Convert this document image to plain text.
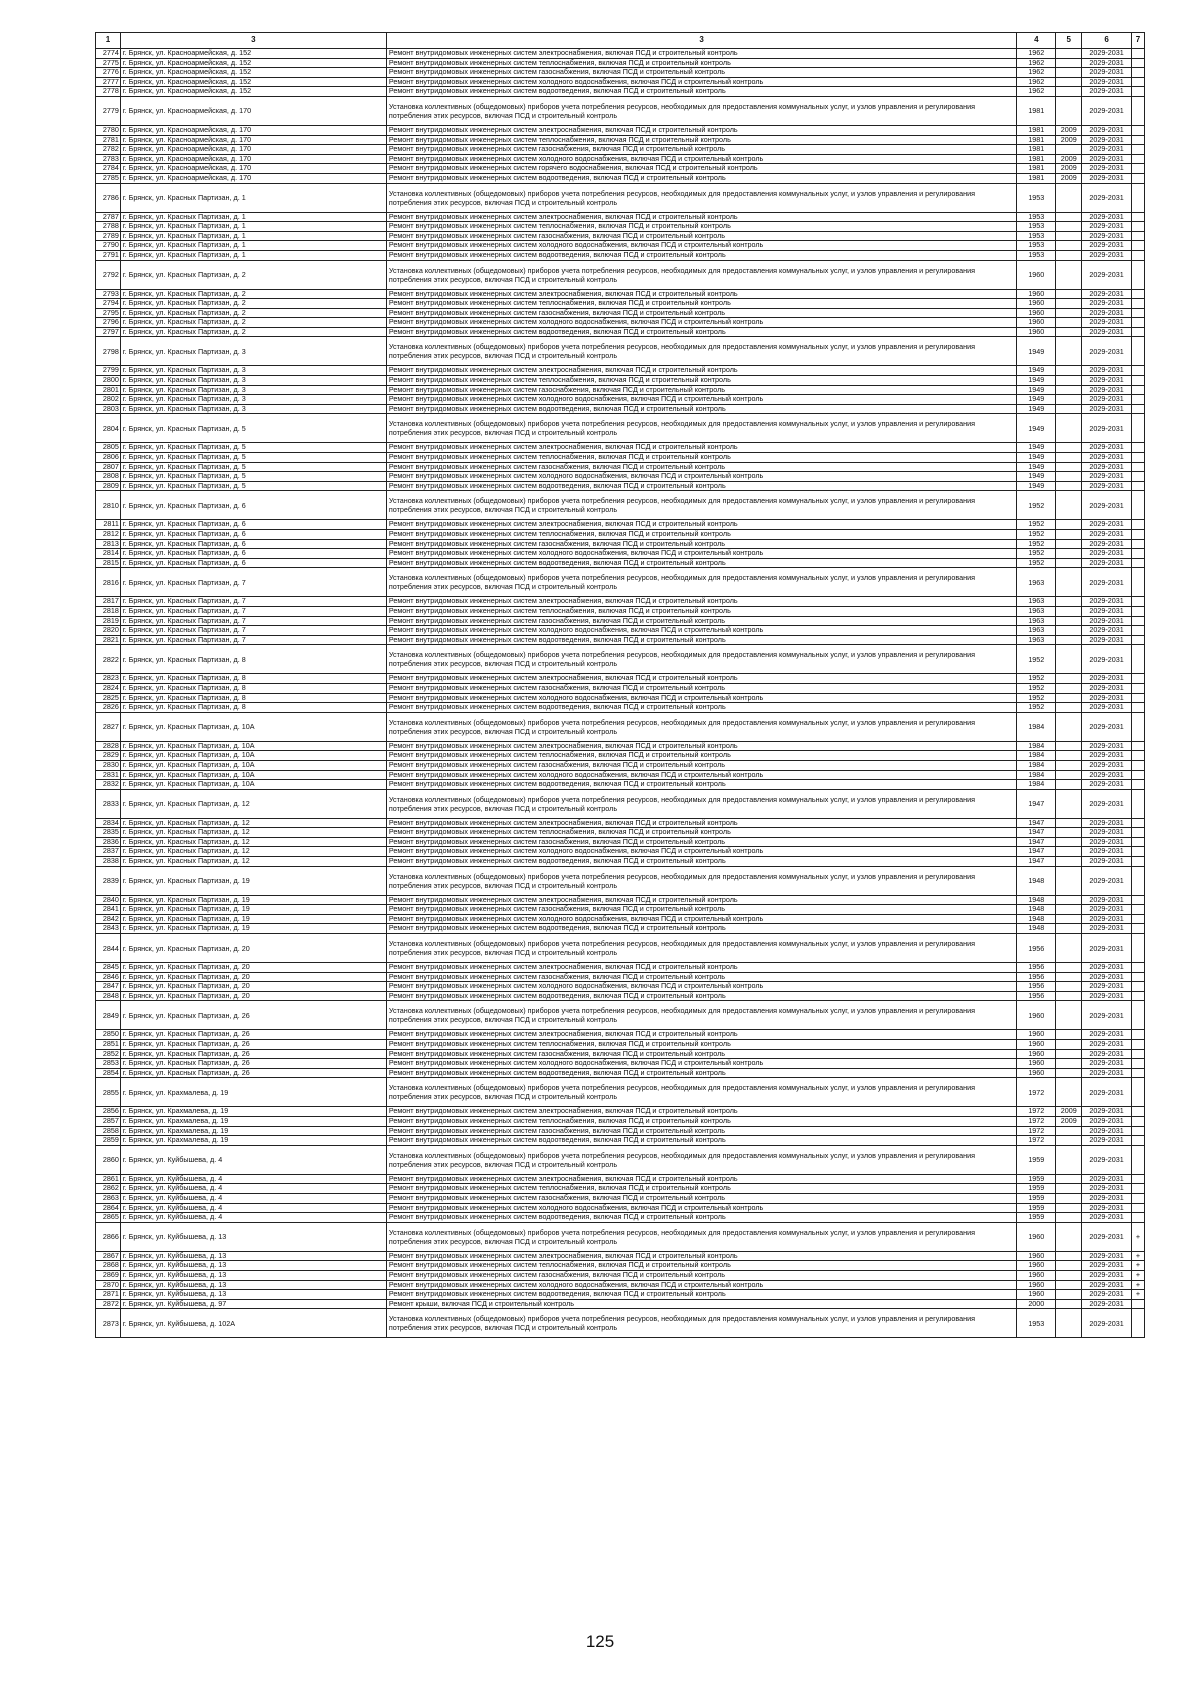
1	3	3	4	5	6	7
2774	г. Брянск, ул. Красноармейская, д. 152	Ремонт внутридомовых инженерных систем электроснабжения, включая ПСД и строительный контроль	1962		2029-2031	
2775	г. Брянск, ул. Красноармейская, д. 152	Ремонт внутридомовых инженерных систем теплоснабжения, включая ПСД и строительный контроль	1962		2029-2031	
2776	г. Брянск, ул. Красноармейская, д. 152	Ремонт внутридомовых инженерных систем газоснабжения, включая ПСД и строительный контроль	1962		2029-2031	
2777	г. Брянск, ул. Красноармейская, д. 152	Ремонт внутридомовых инженерных систем холодного водоснабжения, включая ПСД и строительный контроль	1962		2029-2031	
2778	г. Брянск, ул. Красноармейская, д. 152	Ремонт внутридомовых инженерных систем водоотведения, включая ПСД и строительный контроль	1962		2029-2031	
2779	г. Брянск, ул. Красноармейская, д. 170	Установка коллективных (общедомовых) приборов учета потребления ресурсов, необходимых для предоставления коммунальных услуг, и узлов управления и регулирования потребления этих ресурсов, включая ПСД и строительный контроль	1981		2029-2031	
2780	г. Брянск, ул. Красноармейская, д. 170	Ремонт внутридомовых инженерных систем электроснабжения, включая ПСД и строительный контроль	1981	2009	2029-2031	
2781	г. Брянск, ул. Красноармейская, д. 170	Ремонт внутридомовых инженерных систем теплоснабжения, включая ПСД и строительный контроль	1981	2009	2029-2031	
2782	г. Брянск, ул. Красноармейская, д. 170	Ремонт внутридомовых инженерных систем газоснабжения, включая ПСД и строительный контроль	1981		2029-2031	
2783	г. Брянск, ул. Красноармейская, д. 170	Ремонт внутридомовых инженерных систем холодного водоснабжения, включая ПСД и строительный контроль	1981	2009	2029-2031	
2784	г. Брянск, ул. Красноармейская, д. 170	Ремонт внутридомовых инженерных систем горячего водоснабжения, включая ПСД и строительный контроль	1981	2009	2029-2031	
2785	г. Брянск, ул. Красноармейская, д. 170	Ремонт внутридомовых инженерных систем водоотведения, включая ПСД и строительный контроль	1981	2009	2029-2031	
2786	г. Брянск, ул. Красных Партизан, д. 1	Установка коллективных (общедомовых) приборов учета потребления ресурсов, необходимых для предоставления коммунальных услуг, и узлов управления и регулирования потребления этих ресурсов, включая ПСД и строительный контроль	1953		2029-2031	
2787	г. Брянск, ул. Красных Партизан, д. 1	Ремонт внутридомовых инженерных систем электроснабжения, включая ПСД и строительный контроль	1953		2029-2031	
2788	г. Брянск, ул. Красных Партизан, д. 1	Ремонт внутридомовых инженерных систем теплоснабжения, включая ПСД и строительный контроль	1953		2029-2031	
2789	г. Брянск, ул. Красных Партизан, д. 1	Ремонт внутридомовых инженерных систем газоснабжения, включая ПСД и строительный контроль	1953		2029-2031	
2790	г. Брянск, ул. Красных Партизан, д. 1	Ремонт внутридомовых инженерных систем холодного водоснабжения, включая ПСД и строительный контроль	1953		2029-2031	
2791	г. Брянск, ул. Красных Партизан, д. 1	Ремонт внутридомовых инженерных систем водоотведения, включая ПСД и строительный контроль	1953		2029-2031	
2792	г. Брянск, ул. Красных Партизан, д. 2	Установка коллективных (общедомовых) приборов учета потребления ресурсов, необходимых для предоставления коммунальных услуг, и узлов управления и регулирования потребления этих ресурсов, включая ПСД и строительный контроль	1960		2029-2031	
2793	г. Брянск, ул. Красных Партизан, д. 2	Ремонт внутридомовых инженерных систем электроснабжения, включая ПСД и строительный контроль	1960		2029-2031	
2794	г. Брянск, ул. Красных Партизан, д. 2	Ремонт внутридомовых инженерных систем теплоснабжения, включая ПСД и строительный контроль	1960		2029-2031	
2795	г. Брянск, ул. Красных Партизан, д. 2	Ремонт внутридомовых инженерных систем газоснабжения, включая ПСД и строительный контроль	1960		2029-2031	
2796	г. Брянск, ул. Красных Партизан, д. 2	Ремонт внутридомовых инженерных систем холодного водоснабжения, включая ПСД и строительный контроль	1960		2029-2031	
2797	г. Брянск, ул. Красных Партизан, д. 2	Ремонт внутридомовых инженерных систем водоотведения, включая ПСД и строительный контроль	1960		2029-2031	
2798	г. Брянск, ул. Красных Партизан, д. 3	Установка коллективных (общедомовых) приборов учета потребления ресурсов, необходимых для предоставления коммунальных услуг, и узлов управления и регулирования потребления этих ресурсов, включая ПСД и строительный контроль	1949		2029-2031	
2799	г. Брянск, ул. Красных Партизан, д. 3	Ремонт внутридомовых инженерных систем электроснабжения, включая ПСД и строительный контроль	1949		2029-2031	
2800	г. Брянск, ул. Красных Партизан, д. 3	Ремонт внутридомовых инженерных систем теплоснабжения, включая ПСД и строительный контроль	1949		2029-2031	
2801	г. Брянск, ул. Красных Партизан, д. 3	Ремонт внутридомовых инженерных систем газоснабжения, включая ПСД и строительный контроль	1949		2029-2031	
2802	г. Брянск, ул. Красных Партизан, д. 3	Ремонт внутридомовых инженерных систем холодного водоснабжения, включая ПСД и строительный контроль	1949		2029-2031	
2803	г. Брянск, ул. Красных Партизан, д. 3	Ремонт внутридомовых инженерных систем водоотведения, включая ПСД и строительный контроль	1949		2029-2031	
2804	г. Брянск, ул. Красных Партизан, д. 5	Установка коллективных (общедомовых) приборов учета потребления ресурсов, необходимых для предоставления коммунальных услуг, и узлов управления и регулирования потребления этих ресурсов, включая ПСД и строительный контроль	1949		2029-2031	
2805	г. Брянск, ул. Красных Партизан, д. 5	Ремонт внутридомовых инженерных систем электроснабжения, включая ПСД и строительный контроль	1949		2029-2031	
2806	г. Брянск, ул. Красных Партизан, д. 5	Ремонт внутридомовых инженерных систем теплоснабжения, включая ПСД и строительный контроль	1949		2029-2031	
2807	г. Брянск, ул. Красных Партизан, д. 5	Ремонт внутридомовых инженерных систем газоснабжения, включая ПСД и строительный контроль	1949		2029-2031	
2808	г. Брянск, ул. Красных Партизан, д. 5	Ремонт внутридомовых инженерных систем холодного водоснабжения, включая ПСД и строительный контроль	1949		2029-2031	
2809	г. Брянск, ул. Красных Партизан, д. 5	Ремонт внутридомовых инженерных систем водоотведения, включая ПСД и строительный контроль	1949		2029-2031	
2810	г. Брянск, ул. Красных Партизан, д. 6	Установка коллективных (общедомовых) приборов учета потребления ресурсов, необходимых для предоставления коммунальных услуг, и узлов управления и регулирования потребления этих ресурсов, включая ПСД и строительный контроль	1952		2029-2031	
2811	г. Брянск, ул. Красных Партизан, д. 6	Ремонт внутридомовых инженерных систем электроснабжения, включая ПСД и строительный контроль	1952		2029-2031	
2812	г. Брянск, ул. Красных Партизан, д. 6	Ремонт внутридомовых инженерных систем теплоснабжения, включая ПСД и строительный контроль	1952		2029-2031	
2813	г. Брянск, ул. Красных Партизан, д. 6	Ремонт внутридомовых инженерных систем газоснабжения, включая ПСД и строительный контроль	1952		2029-2031	
2814	г. Брянск, ул. Красных Партизан, д. 6	Ремонт внутридомовых инженерных систем холодного водоснабжения, включая ПСД и строительный контроль	1952		2029-2031	
2815	г. Брянск, ул. Красных Партизан, д. 6	Ремонт внутридомовых инженерных систем водоотведения, включая ПСД и строительный контроль	1952		2029-2031	
2816	г. Брянск, ул. Красных Партизан, д. 7	Установка коллективных (общедомовых) приборов учета потребления ресурсов, необходимых для предоставления коммунальных услуг, и узлов управления и регулирования потребления этих ресурсов, включая ПСД и строительный контроль	1963		2029-2031	
2817	г. Брянск, ул. Красных Партизан, д. 7	Ремонт внутридомовых инженерных систем электроснабжения, включая ПСД и строительный контроль	1963		2029-2031	
2818	г. Брянск, ул. Красных Партизан, д. 7	Ремонт внутридомовых инженерных систем теплоснабжения, включая ПСД и строительный контроль	1963		2029-2031	
2819	г. Брянск, ул. Красных Партизан, д. 7	Ремонт внутридомовых инженерных систем газоснабжения, включая ПСД и строительный контроль	1963		2029-2031	
2820	г. Брянск, ул. Красных Партизан, д. 7	Ремонт внутридомовых инженерных систем холодного водоснабжения, включая ПСД и строительный контроль	1963		2029-2031	
2821	г. Брянск, ул. Красных Партизан, д. 7	Ремонт внутридомовых инженерных систем водоотведения, включая ПСД и строительный контроль	1963		2029-2031	
2822	г. Брянск, ул. Красных Партизан, д. 8	Установка коллективных (общедомовых) приборов учета потребления ресурсов, необходимых для предоставления коммунальных услуг, и узлов управления и регулирования потребления этих ресурсов, включая ПСД и строительный контроль	1952		2029-2031	
2823	г. Брянск, ул. Красных Партизан, д. 8	Ремонт внутридомовых инженерных систем электроснабжения, включая ПСД и строительный контроль	1952		2029-2031	
2824	г. Брянск, ул. Красных Партизан, д. 8	Ремонт внутридомовых инженерных систем газоснабжения, включая ПСД и строительный контроль	1952		2029-2031	
2825	г. Брянск, ул. Красных Партизан, д. 8	Ремонт внутридомовых инженерных систем холодного водоснабжения, включая ПСД и строительный контроль	1952		2029-2031	
2826	г. Брянск, ул. Красных Партизан, д. 8	Ремонт внутридомовых инженерных систем водоотведения, включая ПСД и строительный контроль	1952		2029-2031	
2827	г. Брянск, ул. Красных Партизан, д. 10А	Установка коллективных (общедомовых) приборов учета потребления ресурсов, необходимых для предоставления коммунальных услуг, и узлов управления и регулирования потребления этих ресурсов, включая ПСД и строительный контроль	1984		2029-2031	
2828	г. Брянск, ул. Красных Партизан, д. 10А	Ремонт внутридомовых инженерных систем электроснабжения, включая ПСД и строительный контроль	1984		2029-2031	
2829	г. Брянск, ул. Красных Партизан, д. 10А	Ремонт внутридомовых инженерных систем теплоснабжения, включая ПСД и строительный контроль	1984		2029-2031	
2830	г. Брянск, ул. Красных Партизан, д. 10А	Ремонт внутридомовых инженерных систем газоснабжения, включая ПСД и строительный контроль	1984		2029-2031	
2831	г. Брянск, ул. Красных Партизан, д. 10А	Ремонт внутридомовых инженерных систем холодного водоснабжения, включая ПСД и строительный контроль	1984		2029-2031	
2832	г. Брянск, ул. Красных Партизан, д. 10А	Ремонт внутридомовых инженерных систем водоотведения, включая ПСД и строительный контроль	1984		2029-2031	
2833	г. Брянск, ул. Красных Партизан, д. 12	Установка коллективных (общедомовых) приборов учета потребления ресурсов, необходимых для предоставления коммунальных услуг, и узлов управления и регулирования потребления этих ресурсов, включая ПСД и строительный контроль	1947		2029-2031	
2834	г. Брянск, ул. Красных Партизан, д. 12	Ремонт внутридомовых инженерных систем электроснабжения, включая ПСД и строительный контроль	1947		2029-2031	
2835	г. Брянск, ул. Красных Партизан, д. 12	Ремонт внутридомовых инженерных систем теплоснабжения, включая ПСД и строительный контроль	1947		2029-2031	
2836	г. Брянск, ул. Красных Партизан, д. 12	Ремонт внутридомовых инженерных систем газоснабжения, включая ПСД и строительный контроль	1947		2029-2031	
2837	г. Брянск, ул. Красных Партизан, д. 12	Ремонт внутридомовых инженерных систем холодного водоснабжения, включая ПСД и строительный контроль	1947		2029-2031	
2838	г. Брянск, ул. Красных Партизан, д. 12	Ремонт внутридомовых инженерных систем водоотведения, включая ПСД и строительный контроль	1947		2029-2031	
2839	г. Брянск, ул. Красных Партизан, д. 19	Установка коллективных (общедомовых) приборов учета потребления ресурсов, необходимых для предоставления коммунальных услуг, и узлов управления и регулирования потребления этих ресурсов, включая ПСД и строительный контроль	1948		2029-2031	
2840	г. Брянск, ул. Красных Партизан, д. 19	Ремонт внутридомовых инженерных систем электроснабжения, включая ПСД и строительный контроль	1948		2029-2031	
2841	г. Брянск, ул. Красных Партизан, д. 19	Ремонт внутридомовых инженерных систем газоснабжения, включая ПСД и строительный контроль	1948		2029-2031	
2842	г. Брянск, ул. Красных Партизан, д. 19	Ремонт внутридомовых инженерных систем холодного водоснабжения, включая ПСД и строительный контроль	1948		2029-2031	
2843	г. Брянск, ул. Красных Партизан, д. 19	Ремонт внутридомовых инженерных систем водоотведения, включая ПСД и строительный контроль	1948		2029-2031	
2844	г. Брянск, ул. Красных Партизан, д. 20	Установка коллективных (общедомовых) приборов учета потребления ресурсов, необходимых для предоставления коммунальных услуг, и узлов управления и регулирования потребления этих ресурсов, включая ПСД и строительный контроль	1956		2029-2031	
2845	г. Брянск, ул. Красных Партизан, д. 20	Ремонт внутридомовых инженерных систем электроснабжения, включая ПСД и строительный контроль	1956		2029-2031	
2846	г. Брянск, ул. Красных Партизан, д. 20	Ремонт внутридомовых инженерных систем газоснабжения, включая ПСД и строительный контроль	1956		2029-2031	
2847	г. Брянск, ул. Красных Партизан, д. 20	Ремонт внутридомовых инженерных систем холодного водоснабжения, включая ПСД и строительный контроль	1956		2029-2031	
2848	г. Брянск, ул. Красных Партизан, д. 20	Ремонт внутридомовых инженерных систем водоотведения, включая ПСД и строительный контроль	1956		2029-2031	
2849	г. Брянск, ул. Красных Партизан, д. 26	Установка коллективных (общедомовых) приборов учета потребления ресурсов, необходимых для предоставления коммунальных услуг, и узлов управления и регулирования потребления этих ресурсов, включая ПСД и строительный контроль	1960		2029-2031	
2850	г. Брянск, ул. Красных Партизан, д. 26	Ремонт внутридомовых инженерных систем электроснабжения, включая ПСД и строительный контроль	1960		2029-2031	
2851	г. Брянск, ул. Красных Партизан, д. 26	Ремонт внутридомовых инженерных систем теплоснабжения, включая ПСД и строительный контроль	1960		2029-2031	
2852	г. Брянск, ул. Красных Партизан, д. 26	Ремонт внутридомовых инженерных систем газоснабжения, включая ПСД и строительный контроль	1960		2029-2031	
2853	г. Брянск, ул. Красных Партизан, д. 26	Ремонт внутридомовых инженерных систем холодного водоснабжения, включая ПСД и строительный контроль	1960		2029-2031	
2854	г. Брянск, ул. Красных Партизан, д. 26	Ремонт внутридомовых инженерных систем водоотведения, включая ПСД и строительный контроль	1960		2029-2031	
2855	г. Брянск, ул. Крахмалева, д. 19	Установка коллективных (общедомовых) приборов учета потребления ресурсов, необходимых для предоставления коммунальных услуг, и узлов управления и регулирования потребления этих ресурсов, включая ПСД и строительный контроль	1972		2029-2031	
2856	г. Брянск, ул. Крахмалева, д. 19	Ремонт внутридомовых инженерных систем электроснабжения, включая ПСД и строительный контроль	1972	2009	2029-2031	
2857	г. Брянск, ул. Крахмалева, д. 19	Ремонт внутридомовых инженерных систем теплоснабжения, включая ПСД и строительный контроль	1972	2009	2029-2031	
2858	г. Брянск, ул. Крахмалева, д. 19	Ремонт внутридомовых инженерных систем газоснабжения, включая ПСД и строительный контроль	1972		2029-2031	
2859	г. Брянск, ул. Крахмалева, д. 19	Ремонт внутридомовых инженерных систем водоотведения, включая ПСД и строительный контроль	1972		2029-2031	
2860	г. Брянск, ул. Куйбышева, д. 4	Установка коллективных (общедомовых) приборов учета потребления ресурсов, необходимых для предоставления коммунальных услуг, и узлов управления и регулирования потребления этих ресурсов, включая ПСД и строительный контроль	1959		2029-2031	
2861	г. Брянск, ул. Куйбышева, д. 4	Ремонт внутридомовых инженерных систем электроснабжения, включая ПСД и строительный контроль	1959		2029-2031	
2862	г. Брянск, ул. Куйбышева, д. 4	Ремонт внутридомовых инженерных систем теплоснабжения, включая ПСД и строительный контроль	1959		2029-2031	
2863	г. Брянск, ул. Куйбышева, д. 4	Ремонт внутридомовых инженерных систем газоснабжения, включая ПСД и строительный контроль	1959		2029-2031	
2864	г. Брянск, ул. Куйбышева, д. 4	Ремонт внутридомовых инженерных систем холодного водоснабжения, включая ПСД и строительный контроль	1959		2029-2031	
2865	г. Брянск, ул. Куйбышева, д. 4	Ремонт внутридомовых инженерных систем водоотведения, включая ПСД и строительный контроль	1959		2029-2031	
2866	г. Брянск, ул. Куйбышева, д. 13	Установка коллективных (общедомовых) приборов учета потребления ресурсов, необходимых для предоставления коммунальных услуг, и узлов управления и регулирования потребления этих ресурсов, включая ПСД и строительный контроль	1960		2029-2031	+
2867	г. Брянск, ул. Куйбышева, д. 13	Ремонт внутридомовых инженерных систем электроснабжения, включая ПСД и строительный контроль	1960		2029-2031	+
2868	г. Брянск, ул. Куйбышева, д. 13	Ремонт внутридомовых инженерных систем теплоснабжения, включая ПСД и строительный контроль	1960		2029-2031	+
2869	г. Брянск, ул. Куйбышева, д. 13	Ремонт внутридомовых инженерных систем газоснабжения, включая ПСД и строительный контроль	1960		2029-2031	+
2870	г. Брянск, ул. Куйбышева, д. 13	Ремонт внутридомовых инженерных систем холодного водоснабжения, включая ПСД и строительный контроль	1960		2029-2031	+
2871	г. Брянск, ул. Куйбышева, д. 13	Ремонт внутридомовых инженерных систем водоотведения, включая ПСД и строительный контроль	1960		2029-2031	+
2872	г. Брянск, ул. Куйбышева, д. 97	Ремонт крыши, включая ПСД и строительный контроль	2000		2029-2031	
2873	г. Брянск, ул. Куйбышева, д. 102А	Установка коллективных (общедомовых) приборов учета потребления ресурсов, необходимых для предоставления коммунальных услуг, и узлов управления и регулирования потребления этих ресурсов, включая ПСД и строительный контроль	1953		2029-2031	
125
